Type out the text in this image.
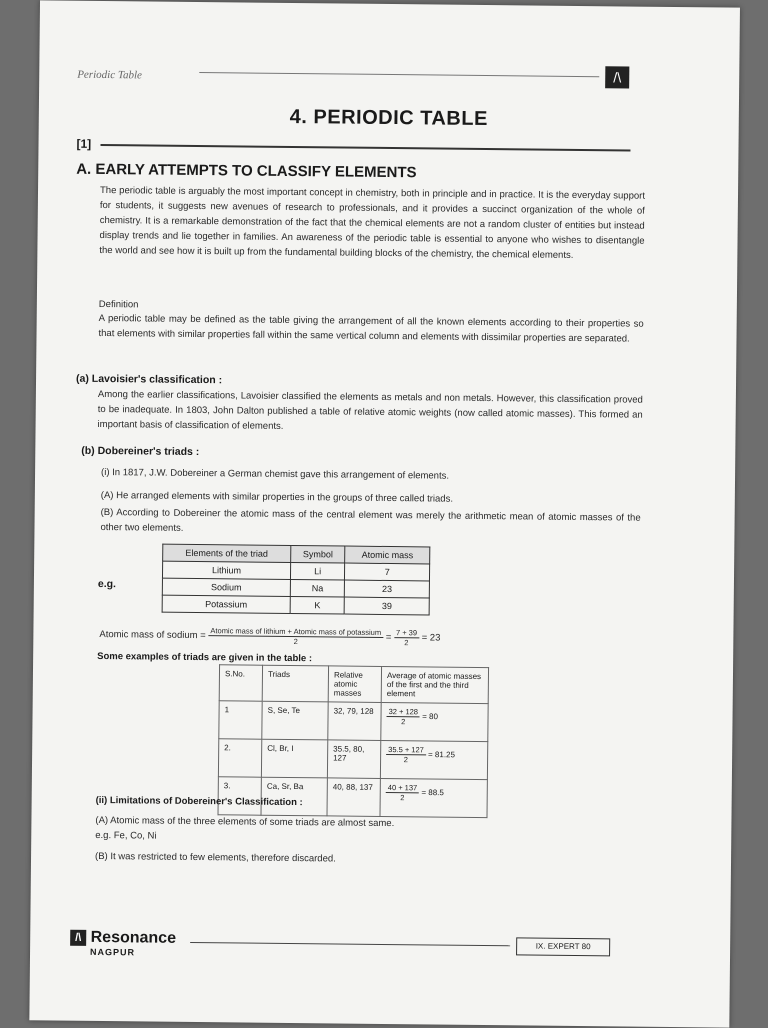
Periodic Table	/\
4. PERIODIC TABLE
[1]
A. EARLY ATTEMPTS TO CLASSIFY ELEMENTS
The periodic table is arguably the most important concept in chemistry, both in principle and in practice. It is the everyday support for students, it suggests new avenues of research to professionals, and it provides a succinct organization of the whole of chemistry. It is a remarkable demonstration of the fact that the chemical elements are not a random cluster of entities but instead display trends and lie together in families. An awareness of the periodic table is essential to anyone who wishes to disentangle the world and see how it is built up from the fundamental building blocks of the chemistry, the chemical elements.
Definition
A periodic table may be defined as the table giving the arrangement of all the known elements according to their properties so that elements with similar properties fall within the same vertical column and elements with dissimilar properties are separated.
(a) Lavoisier's classification :
Among the earlier classifications, Lavoisier classified the elements as metals and non metals. However, this classification proved to be inadequate. In 1803, John Dalton published a table of relative atomic weights (now called atomic masses). This formed an important basis of classification of elements.
(b) Dobereiner's triads :
(i) In 1817, J.W. Dobereiner a German chemist gave this arrangement of elements.
(A) He arranged elements with similar properties in the groups of three called triads.
(B) According to Dobereiner the atomic mass of the central element was merely the arithmetic mean of atomic masses of the other two elements.
e.g.
Elements of the triad	Symbol	Atomic mass
Lithium	Li	7
Sodium	Na	23
Potassium	K	39
Atomic mass of sodium = $\frac{\text{Atomic mass of lithium + Atomic mass of potassium}}{2} = \frac{7 + 39}{2} = 23$
Some examples of triads are given in the table :
S.No.	Triads	Relative atomic masses	Average of atomic masses of the first and the third element
1	S, Se, Te	32, 79, 128	$\frac{32 + 128}{2} = 80$
2.	Cl, Br, I	35.5, 80, 127	$\frac{35.5 + 127}{2} = 81.25$
3.	Ca, Sr, Ba	40, 88, 137	$\frac{40 + 137}{2} = 88.5$
(ii) Limitations of Dobereiner's Classification :
(A) Atomic mass of the three elements of some triads are almost same.
e.g. Fe, Co, Ni
(B) It was restricted to few elements, therefore discarded.
/\ Resonance
NAGPUR
IX. EXPERT 80
